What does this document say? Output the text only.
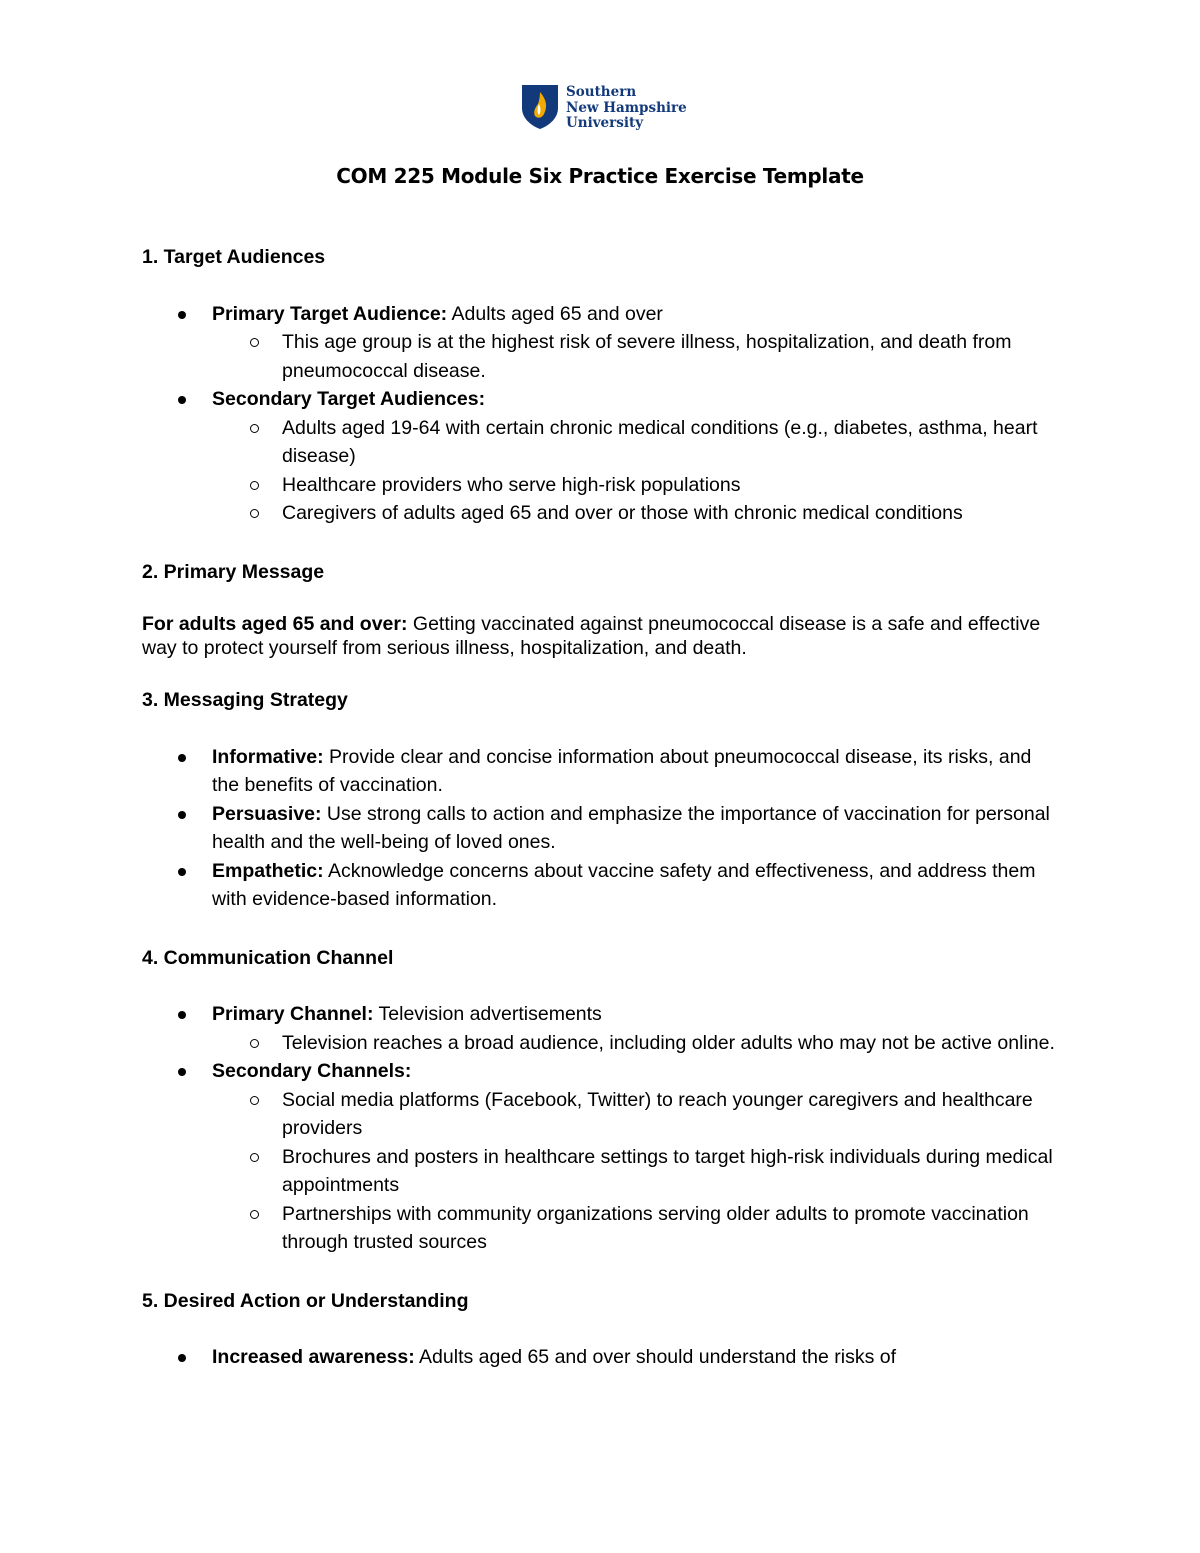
Southern
New Hampshire
University
COM 225 Module Six Practice Exercise Template

1. Target Audiences

Primary Target Audience: Adults aged 65 and over
This age group is at the highest risk of severe illness, hospitalization, and death from pneumococcal disease.
Secondary Target Audiences:
Adults aged 19-64 with certain chronic medical conditions (e.g., diabetes, asthma, heart disease)
Healthcare providers who serve high-risk populations
Caregivers of adults aged 65 and over or those with chronic medical conditions

2. Primary Message

For adults aged 65 and over: Getting vaccinated against pneumococcal disease is a safe and effective way to protect yourself from serious illness, hospitalization, and death.

3. Messaging Strategy

Informative: Provide clear and concise information about pneumococcal disease, its risks, and the benefits of vaccination.
Persuasive: Use strong calls to action and emphasize the importance of vaccination for personal health and the well-being of loved ones.
Empathetic: Acknowledge concerns about vaccine safety and effectiveness, and address them with evidence-based information.

4. Communication Channel

Primary Channel: Television advertisements
Television reaches a broad audience, including older adults who may not be active online.
Secondary Channels:
Social media platforms (Facebook, Twitter) to reach younger caregivers and healthcare providers
Brochures and posters in healthcare settings to target high-risk individuals during medical appointments
Partnerships with community organizations serving older adults to promote vaccination through trusted sources

5. Desired Action or Understanding

Increased awareness: Adults aged 65 and over should understand the risks of
